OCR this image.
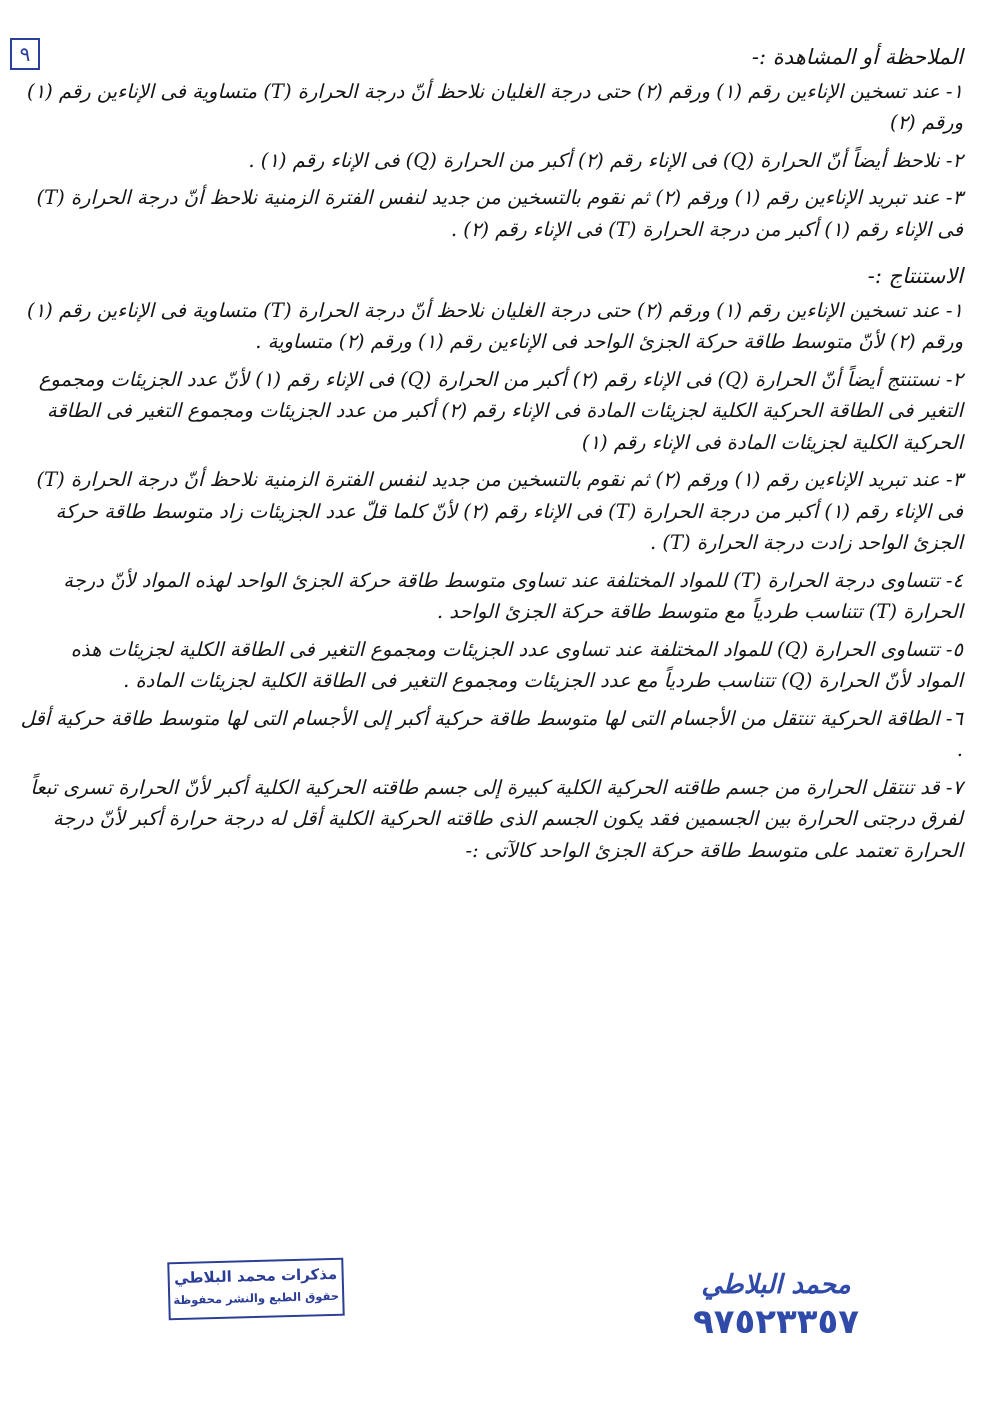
٩	الملاحظة أو المشاهدة :-
١- عند تسخين الإناءين رقم (١) ورقم (٢) حتى درجة الغليان نلاحظ أنّ درجة الحرارة (T) متساوية فى الإناءين رقم (١) ورقم (٢)
٢- نلاحظ أيضاً أنّ الحرارة (Q) فى الإناء رقم (٢) أكبر من الحرارة (Q) فى الإناء رقم (١) .
٣- عند تبريد الإناءين رقم (١) ورقم (٢) ثم نقوم بالتسخين من جديد لنفس الفترة الزمنية نلاحظ أنّ درجة الحرارة (T) فى الإناء رقم (١) أكبر من درجة الحرارة (T) فى الإناء رقم (٢) .
الاستنتاج :-
١- عند تسخين الإناءين رقم (١) ورقم (٢) حتى درجة الغليان نلاحظ أنّ درجة الحرارة (T) متساوية فى الإناءين رقم (١) ورقم (٢) لأنّ متوسط طاقة حركة الجزئ الواحد فى الإناءين رقم (١) ورقم (٢) متساوية .
٢- نستنتج أيضاً أنّ الحرارة (Q) فى الإناء رقم (٢) أكبر من الحرارة (Q) فى الإناء رقم (١) لأنّ عدد الجزيئات ومجموع التغير فى الطاقة الحركية الكلية لجزيئات المادة فى الإناء رقم (٢) أكبر من عدد الجزيئات ومجموع التغير فى الطاقة الحركية الكلية لجزيئات المادة فى الإناء رقم (١)
٣- عند تبريد الإناءين رقم (١) ورقم (٢) ثم نقوم بالتسخين من جديد لنفس الفترة الزمنية نلاحظ أنّ درجة الحرارة (T) فى الإناء رقم (١) أكبر من درجة الحرارة (T) فى الإناء رقم (٢) لأنّ كلما قلّ عدد الجزيئات زاد متوسط طاقة حركة الجزئ الواحد زادت درجة الحرارة (T) .
٤- تتساوى درجة الحرارة (T) للمواد المختلفة عند تساوى متوسط طاقة حركة الجزئ الواحد لهذه المواد لأنّ درجة الحرارة (T) تتناسب طردياً مع متوسط طاقة حركة الجزئ الواحد .
٥- تتساوى الحرارة (Q) للمواد المختلفة عند تساوى عدد الجزيئات ومجموع التغير فى الطاقة الكلية لجزيئات هذه المواد لأنّ الحرارة (Q) تتناسب طردياً مع عدد الجزيئات ومجموع التغير فى الطاقة الكلية لجزيئات المادة .
٦- الطاقة الحركية تنتقل من الأجسام التى لها متوسط طاقة حركية أكبر إلى الأجسام التى لها متوسط طاقة حركية أقل .
٧- قد تنتقل الحرارة من جسم طاقته الحركية الكلية كبيرة إلى جسم طاقته الحركية الكلية أكبر لأنّ الحرارة تسرى تبعاً لفرق درجتى الحرارة بين الجسمين فقد يكون الجسم الذى طاقته الحركية الكلية أقل له درجة حرارة أكبر لأنّ درجة الحرارة تعتمد على متوسط طاقة حركة الجزئ الواحد كالآتى :-
مذكرات محمد البلاطي
حقوق الطبع والنشر محفوظة	محمد البلاطي
٩٧٥٢٣٣٥٧
